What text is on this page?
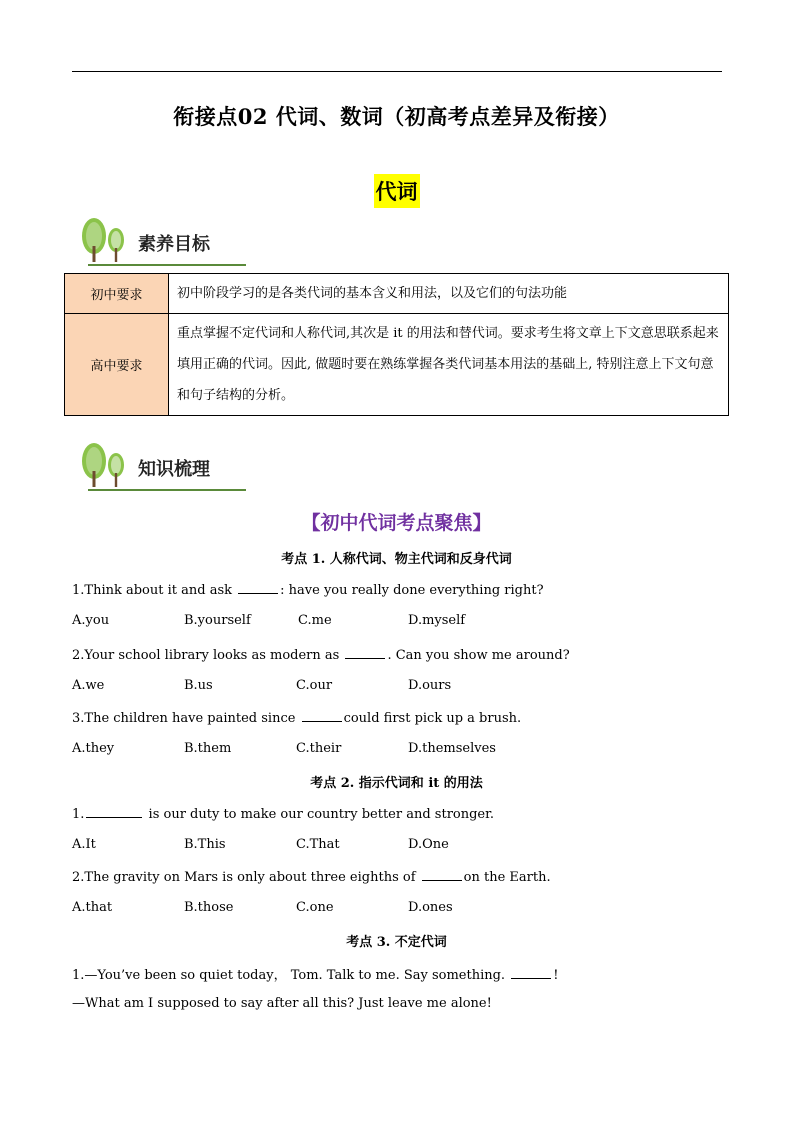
衔接点02 代词、数词（初高考点差异及衔接）
代词
素养目标
初中要求	初中阶段学习的是各类代词的基本含义和用法，以及它们的句法功能
高中要求	重点掌握不定代词和人称代词,其次是 it 的用法和替代词。要求考生将文章上下文意思联系起来填用正确的代词。因此, 做题时要在熟练掌握各类代词基本用法的基础上, 特别注意上下文句意和句子结构的分析。
知识梳理
【初中代词考点聚焦】
考点 1. 人称代词、物主代词和反身代词
1.Think about it and ask	: have you really done everything right?
A.you	B.yourself	C.me	D.myself
2.Your school library looks as modern as	. Can you show me around?
A.we	B.us	C.our	D.ours
3.The children have painted since	could first pick up a brush.
A.they	B.them	C.their	D.themselves
考点 2. 指示代词和 it 的用法
1.	is our duty to make our country better and stronger.
A.It	B.This	C.That	D.One
2.The gravity on Mars is only about three eighths of	on the Earth.
A.that	B.those	C.one	D.ones
考点 3. 不定代词
1.—You’ve been so quiet today， Tom. Talk to me. Say something.	!
—What am I supposed to say after all this? Just leave me alone!
